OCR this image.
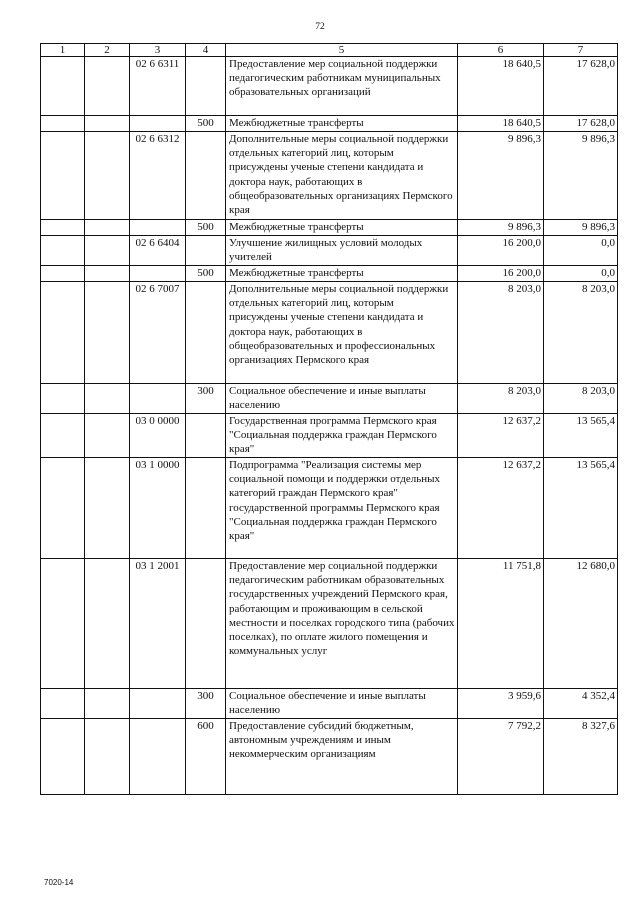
72
1	2	3	4	5	6	7
		02 6 6311		Предоставление мер социальной поддержки педагогическим работникам муниципальных образовательных организаций	18 640,5	17 628,0
			500	Межбюджетные трансферты	18 640,5	17 628,0
		02 6 6312		Дополнительные меры социальной поддержки отдельных категорий лиц, которым присуждены ученые степени кандидата и доктора наук, работающих в общеобразовательных организациях Пермского края	9 896,3	9 896,3
			500	Межбюджетные трансферты	9 896,3	9 896,3
		02 6 6404		Улучшение жилищных условий молодых учителей	16 200,0	0,0
			500	Межбюджетные трансферты	16 200,0	0,0
		02 6 7007		Дополнительные меры социальной поддержки отдельных категорий лиц, которым присуждены ученые степени кандидата и доктора наук, работающих в общеобразовательных и профессиональных организациях Пермского края	8 203,0	8 203,0
			300	Социальное обеспечение и иные выплаты населению	8 203,0	8 203,0
		03 0 0000		Государственная программа Пермского края "Социальная поддержка граждан Пермского края"	12 637,2	13 565,4
		03 1 0000		Подпрограмма "Реализация системы мер социальной помощи и поддержки отдельных категорий граждан Пермского края" государственной программы Пермского края "Социальная поддержка граждан Пермского края"	12 637,2	13 565,4
		03 1 2001		Предоставление мер социальной поддержки педагогическим работникам образовательных государственных учреждений Пермского края, работающим и проживающим в сельской местности и поселках городского типа (рабочих поселках), по оплате жилого помещения и коммунальных услуг	11 751,8	12 680,0
			300	Социальное обеспечение и иные выплаты населению	3 959,6	4 352,4
			600	Предоставление субсидий бюджетным, автономным учреждениям и иным некоммерческим организациям	7 792,2	8 327,6
7020-14
